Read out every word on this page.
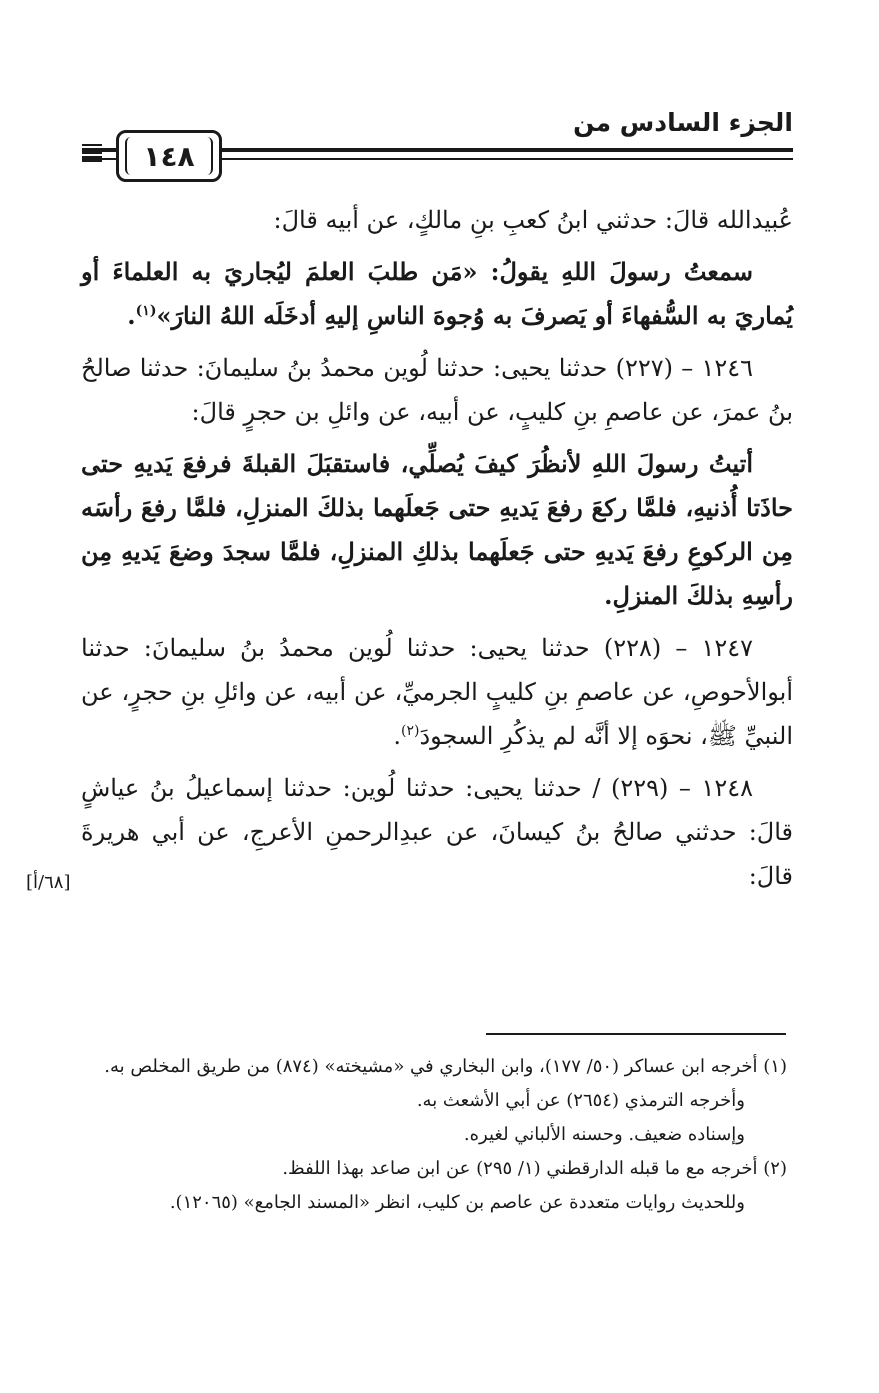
الجزء السادس من
١٤٨

عُبيدالله قالَ: حدثني ابنُ كعبِ بنِ مالكٍ، عن أبيه قالَ:

سمعتُ رسولَ اللهِ يقولُ: «مَن طلبَ العلمَ ليُجاريَ به العلماءَ أو يُماريَ به السُّفهاءَ أو يَصرفَ به وُجوهَ الناسِ إليهِ أدخَلَه اللهُ النارَ»$^{(١)}$.

١٢٤٦ – (٢٢٧) حدثنا يحيى: حدثنا لُوين محمدُ بنُ سليمانَ: حدثنا صالحُ بنُ عمرَ، عن عاصمِ بنِ كليبٍ، عن أبيه، عن وائلِ بن حجرٍ قالَ:

أتيتُ رسولَ اللهِ لأنظُرَ كيفَ يُصلِّي، فاستقبَلَ القبلةَ فرفعَ يَديهِ حتى حاذَتا أُذنيهِ، فلمَّا ركعَ رفعَ يَديهِ حتى جَعلَهما بذلكَ المنزلِ، فلمَّا رفعَ رأسَه مِن الركوعِ رفعَ يَديهِ حتى جَعلَهما بذلكِ المنزلِ، فلمَّا سجدَ وضعَ يَديهِ مِن رأسِهِ بذلكَ المنزلِ.

١٢٤٧ – (٢٢٨) حدثنا يحيى: حدثنا لُوين محمدُ بنُ سليمانَ: حدثنا أبوالأحوصِ، عن عاصمِ بنِ كليبٍ الجرميِّ، عن أبيه، عن وائلِ بنِ حجرٍ، عن النبيِّ ﷺ، نحوَه إلا أنَّه لم يذكُرِ السجودَ$^{(٢)}$.

١٢٤٨ – (٢٢٩) / حدثنا يحيى: حدثنا لُوين: حدثنا إسماعيلُ بنُ عياشٍ قالَ: حدثني صالحُ بنُ كيسانَ، عن عبدِالرحمنِ الأعرجِ، عن أبي هريرةَ قالَ:

[٦٨/أ]

(١) أخرجه ابن عساكر (٥٠/ ١٧٧)، وابن البخاري في «مشيخته» (٨٧٤) من طريق المخلص به.

وأخرجه الترمذي (٢٦٥٤) عن أبي الأشعث به.

وإسناده ضعيف. وحسنه الألباني لغيره.

(٢) أخرجه مع ما قبله الدارقطني (١/ ٢٩٥) عن ابن صاعد بهذا اللفظ.

وللحديث روايات متعددة عن عاصم بن كليب، انظر «المسند الجامع» (١٢٠٦٥).
